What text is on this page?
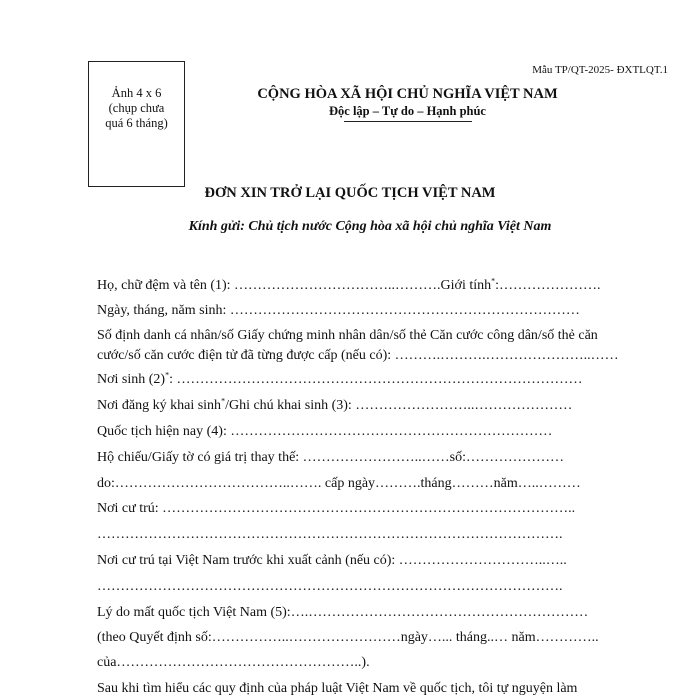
Ảnh 4 x 6
(chụp chưa
quá 6 tháng)
Mẫu TP/QT-2025- ĐXTLQT.1
CỘNG HÒA XÃ HỘI CHỦ NGHĨA VIỆT NAM
Độc lập – Tự do – Hạnh phúc
ĐƠN XIN TRỞ LẠI QUỐC TỊCH VIỆT NAM
Kính gửi: Chủ tịch nước Cộng hòa xã hội chủ nghĩa Việt Nam
Họ, chữ đệm và tên (1): ……………………………..……….Giới tính*:………………….
Ngày, tháng, năm sinh: …………………………………………………………………
Số định danh cá nhân/số Giấy chứng minh nhân dân/số thẻ Căn cước công dân/số thẻ căn
cước/số căn cước điện tử đã từng được cấp (nếu có): ……….……….…………………..……
Nơi sinh (2)*: ……………………………………………………………………………
Nơi đăng ký khai sinh*/Ghi chú khai sinh (3): ……………………..…………………
Quốc tịch hiện nay (4): ……………………………………………………………
Hộ chiếu/Giấy tờ có giá trị thay thế: ……………………..……số:…………………
do:………………………………..……. cấp ngày……….tháng………năm…..………
Nơi cư trú: ……………………………………………………………………………..
……………………………………………………………………………………….
Nơi cư trú tại Việt Nam trước khi xuất cảnh (nếu có): …………………………..…..
……………………………………………………………………………………….
Lý do mất quốc tịch Việt Nam (5):….……………………………………………………
(theo Quyết định số:……………..……………………ngày…... tháng..… năm…………..
của……………………………………………..).
Sau khi tìm hiểu các quy định của pháp luật Việt Nam về quốc tịch, tôi tự nguyện làm
